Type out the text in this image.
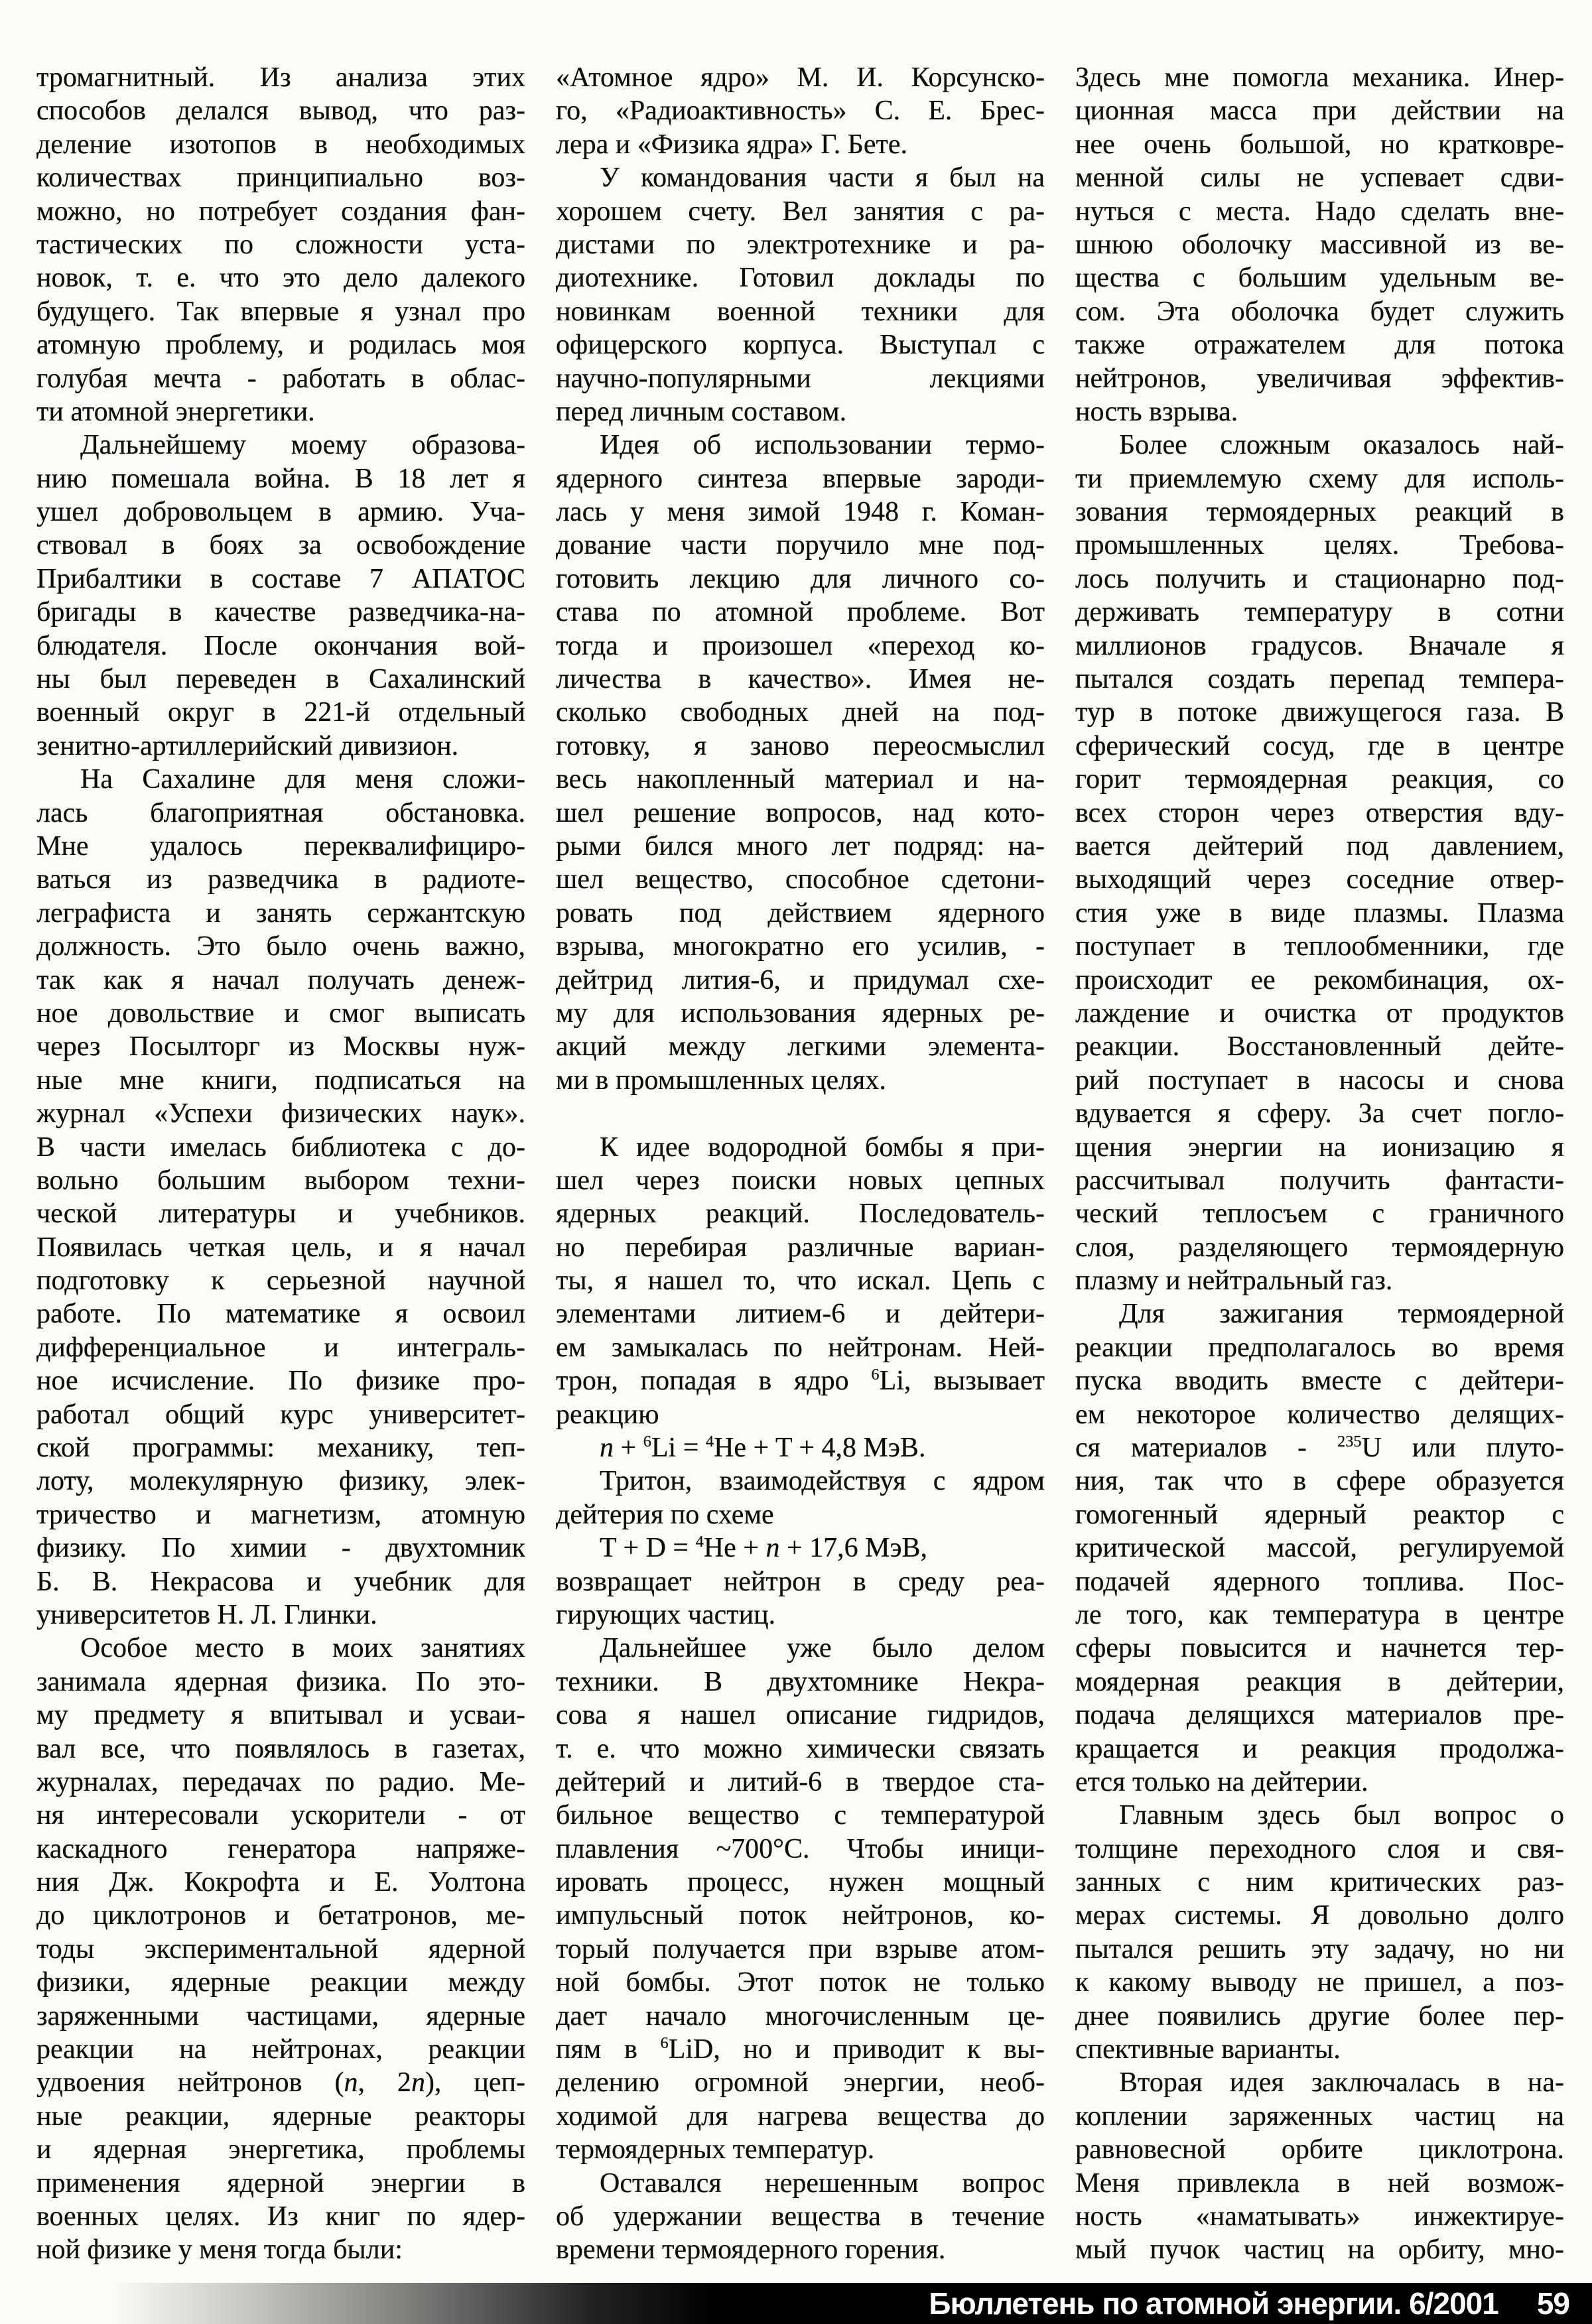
тромагнитный. Из анализа этих
способов делался вывод, что раз-
деление изотопов в необходимых
количествах принципиально воз-
можно, но потребует создания фан-
тастических по сложности уста-
новок, т. е. что это дело далекого
будущего. Так впервые я узнал про
атомную проблему, и родилась моя
голубая мечта - работать в облас-
ти атомной энергетики.
Дальнейшему моему образова-
нию помешала война. В 18 лет я
ушел добровольцем в армию. Уча-
ствовал в боях за освобождение
Прибалтики в составе 7 АПАТОС
бригады в качестве разведчика-на-
блюдателя. После окончания вой-
ны был переведен в Сахалинский
военный округ в 221-й отдельный
зенитно-артиллерийский дивизион.
На Сахалине для меня сложи-
лась благоприятная обстановка.
Мне удалось переквалифициро-
ваться из разведчика в радиоте-
леграфиста и занять сержантскую
должность. Это было очень важно,
так как я начал получать денеж-
ное довольствие и смог выписать
через Посылторг из Москвы нуж-
ные мне книги, подписаться на
журнал «Успехи физических наук».
В части имелась библиотека с до-
вольно большим выбором техни-
ческой литературы и учебников.
Появилась четкая цель, и я начал
подготовку к серьезной научной
работе. По математике я освоил
дифференциальное и интеграль-
ное исчисление. По физике про-
работал общий курс университет-
ской программы: механику, теп-
лоту, молекулярную физику, элек-
тричество и магнетизм, атомную
физику. По химии - двухтомник
Б. В. Некрасова и учебник для
университетов Н. Л. Глинки.
Особое место в моих занятиях
занимала ядерная физика. По это-
му предмету я впитывал и усваи-
вал все, что появлялось в газетах,
журналах, передачах по радио. Ме-
ня интересовали ускорители - от
каскадного генератора напряже-
ния Дж. Кокрофта и Е. Уолтона
до циклотронов и бетатронов, ме-
тоды экспериментальной ядерной
физики, ядерные реакции между
заряженными частицами, ядерные
реакции на нейтронах, реакции
удвоения нейтронов (n, 2n), цеп-
ные реакции, ядерные реакторы
и ядерная энергетика, проблемы
применения ядерной энергии в
военных целях. Из книг по ядер-
ной физике у меня тогда были:
«Атомное ядро» М. И. Корсунско-
го, «Радиоактивность» С. Е. Брес-
лера и «Физика ядра» Г. Бете.
У командования части я был на
хорошем счету. Вел занятия с ра-
дистами по электротехнике и ра-
диотехнике. Готовил доклады по
новинкам военной техники для
офицерского корпуса. Выступал с
научно-популярными лекциями
перед личным составом.
Идея об использовании термо-
ядерного синтеза впервые зароди-
лась у меня зимой 1948 г. Коман-
дование части поручило мне под-
готовить лекцию для личного со-
става по атомной проблеме. Вот
тогда и произошел «переход ко-
личества в качество». Имея не-
сколько свободных дней на под-
готовку, я заново переосмыслил
весь накопленный материал и на-
шел решение вопросов, над кото-
рыми бился много лет подряд: на-
шел вещество, способное сдетони-
ровать под действием ядерного
взрыва, многократно его усилив, -
дейтрид лития-6, и придумал схе-
му для использования ядерных ре-
акций между легкими элемента-
ми в промышленных целях.

К идее водородной бомбы я при-
шел через поиски новых цепных
ядерных реакций. Последователь-
но перебирая различные вариан-
ты, я нашел то, что искал. Цепь с
элементами литием-6 и дейтери-
ем замыкалась по нейтронам. Ней-
трон, попадая в ядро $^6$Li, вызывает
реакцию
n + $^6$Li = $^4$He + T + 4,8 МэВ.
Тритон, взаимодействуя с ядром
дейтерия по схеме
T + D = $^4$He + n + 17,6 МэВ,
возвращает нейтрон в среду реа-
гирующих частиц.
Дальнейшее уже было делом
техники. В двухтомнике Некра-
сова я нашел описание гидридов,
т. е. что можно химически связать
дейтерий и литий-6 в твердое ста-
бильное вещество с температурой
плавления ~700°С. Чтобы иници-
ировать процесс, нужен мощный
импульсный поток нейтронов, ко-
торый получается при взрыве атом-
ной бомбы. Этот поток не только
дает начало многочисленным це-
пям в $^6$LiD, но и приводит к вы-
делению огромной энергии, необ-
ходимой для нагрева вещества до
термоядерных температур.
Оставался нерешенным вопрос
об удержании вещества в течение
времени термоядерного горения.
Здесь мне помогла механика. Инер-
ционная масса при действии на
нее очень большой, но кратковре-
менной силы не успевает сдви-
нуться с места. Надо сделать вне-
шнюю оболочку массивной из ве-
щества с большим удельным ве-
сом. Эта оболочка будет служить
также отражателем для потока
нейтронов, увеличивая эффектив-
ность взрыва.
Более сложным оказалось най-
ти приемлемую схему для исполь-
зования термоядерных реакций в
промышленных целях. Требова-
лось получить и стационарно под-
держивать температуру в сотни
миллионов градусов. Вначале я
пытался создать перепад темпера-
тур в потоке движущегося газа. В
сферический сосуд, где в центре
горит термоядерная реакция, со
всех сторон через отверстия вду-
вается дейтерий под давлением,
выходящий через соседние отвер-
стия уже в виде плазмы. Плазма
поступает в теплообменники, где
происходит ее рекомбинация, ох-
лаждение и очистка от продуктов
реакции. Восстановленный дейте-
рий поступает в насосы и снова
вдувается я сферу. За счет погло-
щения энергии на ионизацию я
рассчитывал получить фантасти-
ческий теплосъем с граничного
слоя, разделяющего термоядерную
плазму и нейтральный газ.
Для зажигания термоядерной
реакции предполагалось во время
пуска вводить вместе с дейтери-
ем некоторое количество делящих-
ся материалов - $^{235}$U или плуто-
ния, так что в сфере образуется
гомогенный ядерный реактор с
критической массой, регулируемой
подачей ядерного топлива. Пос-
ле того, как температура в центре
сферы повысится и начнется тер-
моядерная реакция в дейтерии,
подача делящихся материалов пре-
кращается и реакция продолжа-
ется только на дейтерии.
Главным здесь был вопрос о
толщине переходного слоя и свя-
занных с ним критических раз-
мерах системы. Я довольно долго
пытался решить эту задачу, но ни
к какому выводу не пришел, а поз-
днее появились другие более пер-
спективные варианты.
Вторая идея заключалась в на-
коплении заряженных частиц на
равновесной орбите циклотрона.
Меня привлекла в ней возмож-
ность «наматывать» инжектируе-
мый пучок частиц на орбиту, мно-
Бюллетень по атомной энергии. 6/2001 59
